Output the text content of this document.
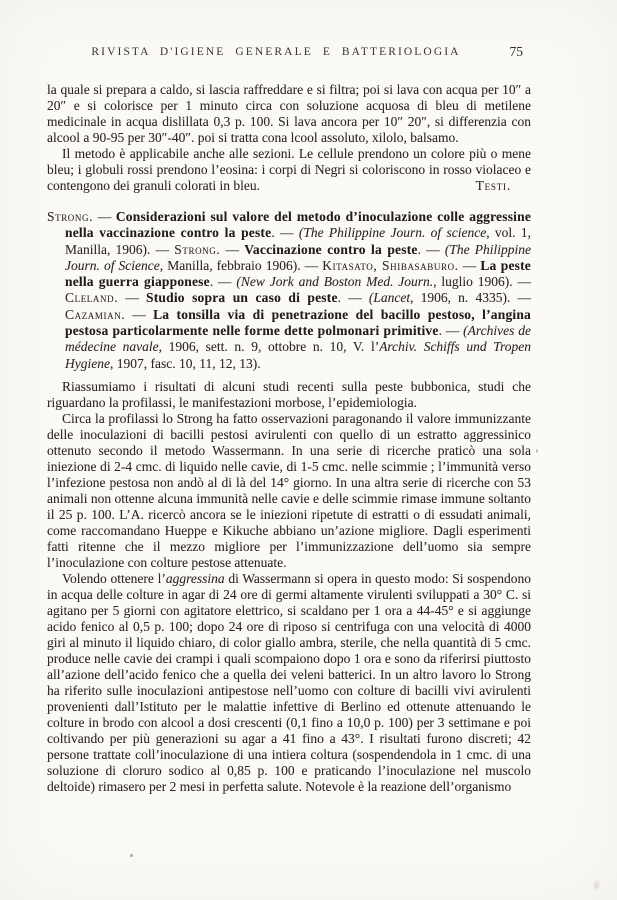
RIVISTA D'IGIENE GENERALE E BATTERIOLOGIA	75

la quale si prepara a caldo, si lascia raffreddare e si filtra; poi si lava con acqua per 10″ a 20″ e si colorisce per 1 minuto circa con soluzione acquosa di bleu di metilene medicinale in acqua dislillata 0,3 p. 100. Si lava ancora per 10″ 20″, si differenzia con alcool a 90-95 per 30″-40″. poi si tratta cona lcool assoluto, xilolo, balsamo.

Il metodo è applicabile anche alle sezioni. Le cellule prendono un colore più o mene bleu; i globuli rossi prendono l’eosina: i corpi di Negri si coloriscono in rosso violaceo e contengono dei granuli colorati in bleu.	Testi.

Strong. — Considerazioni sul valore del metodo d’inoculazione colle aggressine nella vaccinazione contro la peste. — (The Philippine Journ. of science, vol. 1, Manilla, 1906). — Strong. — Vaccinazione contro la peste. — (The Philippine Journ. of Science, Manilla, febbraio 1906). — Kitasato, Shibasaburo. — La peste nella guerra giapponese. — (New Jork and Boston Med. Journ., luglio 1906). — Cleland. — Studio sopra un caso di peste. — (Lancet, 1906, n. 4335). — Cazamian. — La tonsilla via di penetrazione del bacillo pestoso, l’angina pestosa particolarmente nelle forme dette polmonari primitive. — (Archives de médecine navale, 1906, sett. n. 9, ottobre n. 10, V. l’Archiv. Schiffs und Tropen Hygiene, 1907, fasc. 10, 11, 12, 13).

Riassumiamo i risultati di alcuni studi recenti sulla peste bubbonica, studi che riguardano la profilassi, le manifestazioni morbose, l’epidemiologia.

Circa la profilassi lo Strong ha fatto osservazioni paragonando il valore immunizzante delle inoculazioni di bacilli pestosi avirulenti con quello di un estratto aggressinico ottenuto secondo il metodo Wassermann. In una serie di ricerche praticò una sola iniezione di 2-4 cmc. di liquido nelle cavie, di 1-5 cmc. nelle scimmie ; l’immunità verso l’infezione pestosa non andò al di là del 14° giorno. In una altra serie di ricerche con 53 animali non ottenne alcuna immunità nelle cavie e delle scimmie rimase immune soltanto il 25 p. 100. L’A. ricercò ancora se le iniezioni ripetute di estratti o di essudati animali, come raccomandano Hueppe e Kikuche abbiano un’azione migliore. Dagli esperimenti fatti ritenne che il mezzo migliore per l’immunizzazione dell’uomo sia sempre l’inoculazione con colture pestose attenuate.

Volendo ottenere l’aggressina di Wassermann si opera in questo modo: Si sospendono in acqua delle colture in agar di 24 ore di germi altamente virulenti sviluppati a 30° C. si agitano per 5 giorni con agitatore elettrico, si scaldano per 1 ora a 44-45° e si aggiunge acido fenico al 0,5 p. 100; dopo 24 ore di riposo si centrifuga con una velocità di 4000 giri al minuto il liquido chiaro, di color giallo ambra, sterile, che nella quantità di 5 cmc. produce nelle cavie dei crampi i quali scompaiono dopo 1 ora e sono da riferirsi piuttosto all’azione dell’acido fenico che a quella dei veleni batterici. In un altro lavoro lo Strong ha riferito sulle inoculazioni antipestose nell’uomo con colture di bacilli vivi avirulenti provenienti dall’Istituto per le malattie infettive di Berlino ed ottenute attenuando le colture in brodo con alcool a dosi crescenti (0,1 fino a 10,0 p. 100) per 3 settimane e poi coltivando per più generazioni su agar a 41 fino a 43°. I risultati furono discreti; 42 persone trattate coll’inoculazione di una intiera coltura (sospendendola in 1 cmc. di una soluzione di cloruro sodico al 0,85 p. 100 e praticando l’inoculazione nel muscolo deltoide) rimasero per 2 mesi in perfetta salute. Notevole è la reazione dell’organismo
